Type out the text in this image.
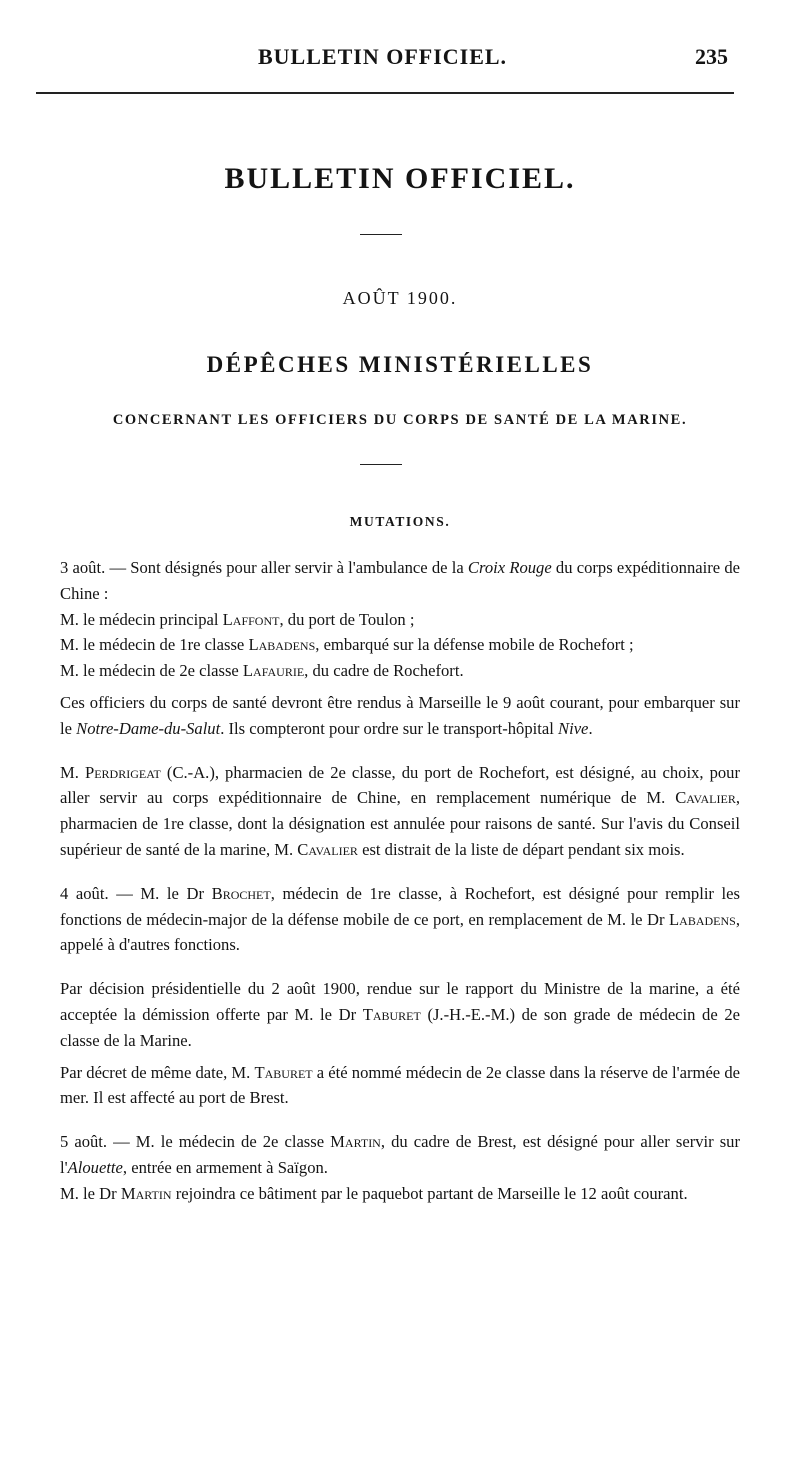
BULLETIN OFFICIEL.	235
BULLETIN OFFICIEL.
AOÛT 1900.
DÉPÊCHES MINISTÉRIELLES
CONCERNANT LES OFFICIERS DU CORPS DE SANTÉ DE LA MARINE.
MUTATIONS.

3 août. — Sont désignés pour aller servir à l'ambulance de la Croix Rouge du corps expéditionnaire de Chine :

M. le médecin principal Laffont, du port de Toulon ;

M. le médecin de 1re classe Labadens, embarqué sur la défense mobile de Rochefort ;

M. le médecin de 2e classe Lafaurie, du cadre de Rochefort.

Ces officiers du corps de santé devront être rendus à Marseille le 9 août courant, pour embarquer sur le Notre-Dame-du-Salut. Ils compteront pour ordre sur le transport-hôpital Nive.

M. Perdrigeat (C.-A.), pharmacien de 2e classe, du port de Rochefort, est désigné, au choix, pour aller servir au corps expéditionnaire de Chine, en remplacement numérique de M. Cavalier, pharmacien de 1re classe, dont la désignation est annulée pour raisons de santé. Sur l'avis du Conseil supérieur de santé de la marine, M. Cavalier est distrait de la liste de départ pendant six mois.

4 août. — M. le Dr Brochet, médecin de 1re classe, à Rochefort, est désigné pour remplir les fonctions de médecin-major de la défense mobile de ce port, en remplacement de M. le Dr Labadens, appelé à d'autres fonctions.

Par décision présidentielle du 2 août 1900, rendue sur le rapport du Ministre de la marine, a été acceptée la démission offerte par M. le Dr Taburet (J.-H.-E.-M.) de son grade de médecin de 2e classe de la Marine.

Par décret de même date, M. Taburet a été nommé médecin de 2e classe dans la réserve de l'armée de mer. Il est affecté au port de Brest.

5 août. — M. le médecin de 2e classe Martin, du cadre de Brest, est désigné pour aller servir sur l'Alouette, entrée en armement à Saïgon.

M. le Dr Martin rejoindra ce bâtiment par le paquebot partant de Marseille le 12 août courant.
